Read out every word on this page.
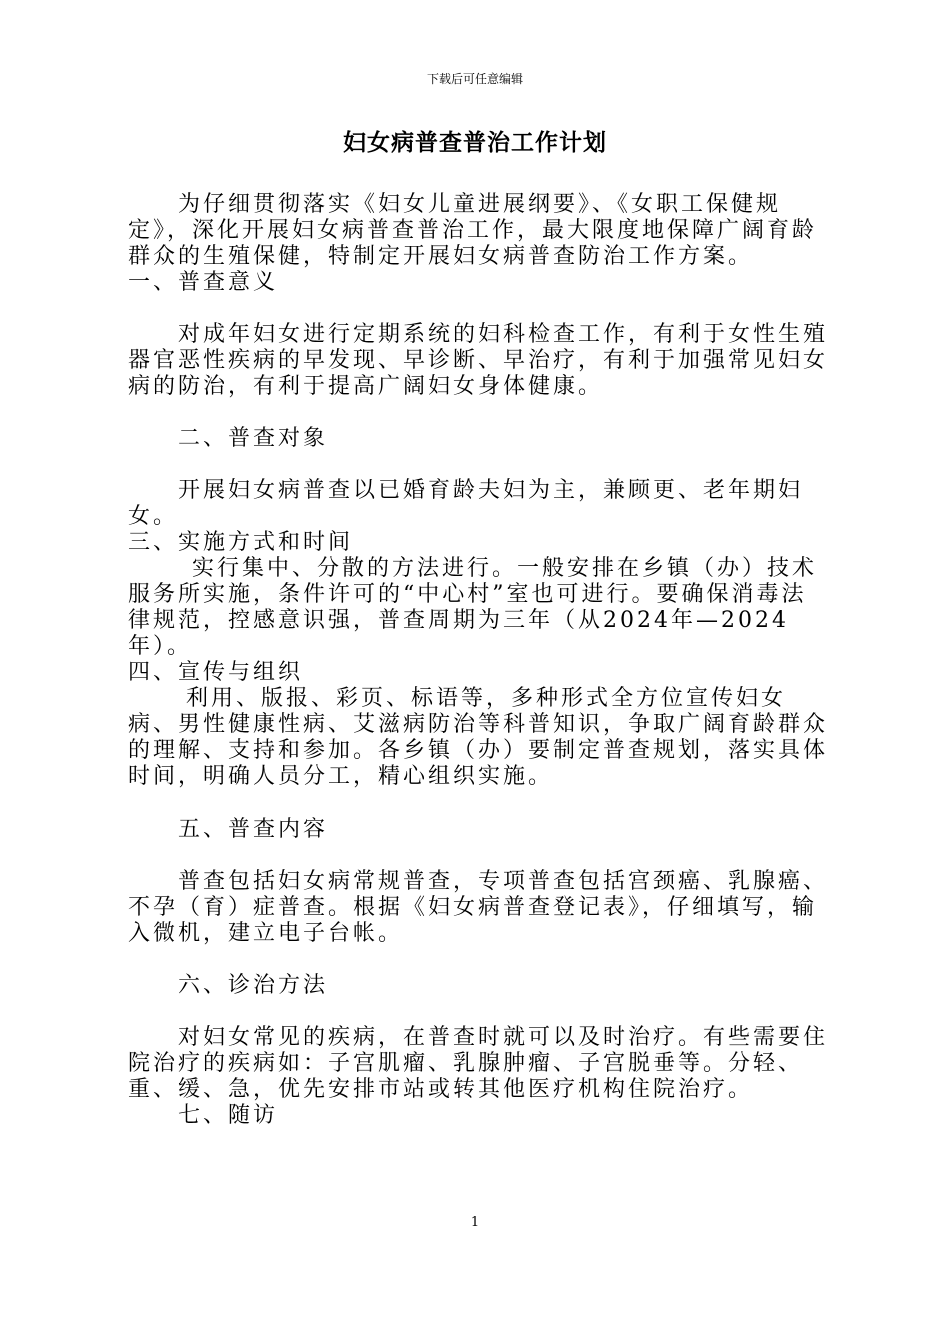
下载后可任意编辑
妇女病普查普治工作计划

为仔细贯彻落实《妇女儿童进展纲要》、《女职工保健规定》，深化开展妇女病普查普治工作，最大限度地保障广阔育龄群众的生殖保健，特制定开展妇女病普查防治工作方案。

一、普查意义

对成年妇女进行定期系统的妇科检查工作，有利于女性生殖器官恶性疾病的早发现、早诊断、早治疗，有利于加强常见妇女病的防治，有利于提高广阔妇女身体健康。

二、普查对象

开展妇女病普查以已婚育龄夫妇为主，兼顾更、老年期妇女。

三、实施方式和时间

实行集中、分散的方法进行。一般安排在乡镇（办）技术服务所实施，条件许可的“中心村”室也可进行。要确保消毒法律规范，控感意识强，普查周期为三年（从2024年—2024年）。

四、宣传与组织

利用、版报、彩页、标语等，多种形式全方位宣传妇女病、男性健康性病、艾滋病防治等科普知识，争取广阔育龄群众的理解、支持和参加。各乡镇（办）要制定普查规划，落实具体时间，明确人员分工，精心组织实施。

五、普查内容

普查包括妇女病常规普查，专项普查包括宫颈癌、乳腺癌、不孕（育）症普查。根据《妇女病普查登记表》，仔细填写，输入微机，建立电子台帐。

六、诊治方法

对妇女常见的疾病，在普查时就可以及时治疗。有些需要住院治疗的疾病如：子宫肌瘤、乳腺肿瘤、子宫脱垂等。分轻、重、缓、急，优先安排市站或转其他医疗机构住院治疗。

七、随访

1
